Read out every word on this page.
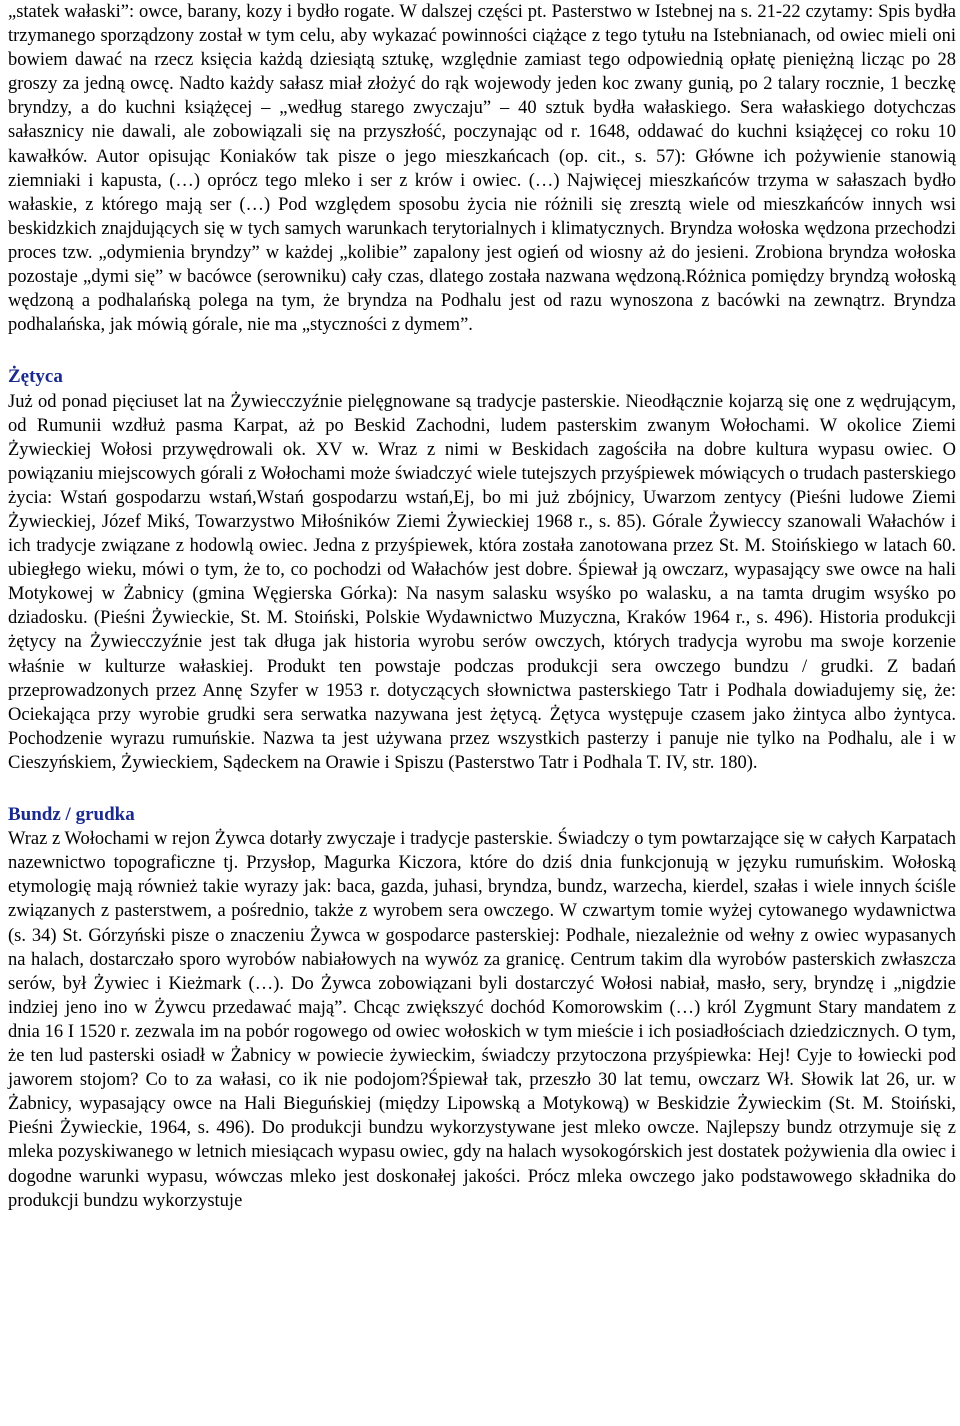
„statek wałaski”: owce, barany, kozy i bydło rogate. W dalszej części pt. Pasterstwo w Istebnej na s. 21-22 czytamy: Spis bydła trzymanego sporządzony został w tym celu, aby wykazać powinności ciążące z tego tytułu na Istebnianach, od owiec mieli oni bowiem dawać na rzecz księcia każdą dziesiątą sztukę, względnie zamiast tego odpowiednią opłatę pieniężną licząc po 28 groszy za jedną owcę. Nadto każdy sałasz miał złożyć do rąk wojewody jeden koc zwany gunią, po 2 talary rocznie, 1 beczkę bryndzy, a do kuchni książęcej – „według starego zwyczaju” – 40 sztuk bydła wałaskiego. Sera wałaskiego dotychczas sałasznicy nie dawali, ale zobowiązali się na przyszłość, poczynając od r. 1648, oddawać do kuchni książęcej co roku 10 kawałków. Autor opisując Koniaków tak pisze o jego mieszkańcach (op. cit., s. 57): Główne ich pożywienie stanowią ziemniaki i kapusta, (…) oprócz tego mleko i ser z krów i owiec. (…) Najwięcej mieszkańców trzyma w sałaszach bydło wałaskie, z którego mają ser (…) Pod względem sposobu życia nie różnili się zresztą wiele od mieszkańców innych wsi beskidzkich znajdujących się w tych samych warunkach terytorialnych i klimatycznych. Bryndza wołoska wędzona przechodzi proces tzw. „odymienia bryndzy” w każdej „kolibie” zapalony jest ogień od wiosny aż do jesieni. Zrobiona bryndza wołoska pozostaje „dymi się” w bacówce (serowniku) cały czas, dlatego została nazwana wędzoną.Różnica pomiędzy bryndzą wołoską wędzoną a podhalańską polega na tym, że bryndza na Podhalu jest od razu wynoszona z bacówki na zewnątrz. Bryndza podhalańska, jak mówią górale, nie ma „styczności z dymem”.

Żętyca

Już od ponad pięciuset lat na Żywiecczyźnie pielęgnowane są tradycje pasterskie. Nieodłącznie kojarzą się one z wędrującym, od Rumunii wzdłuż pasma Karpat, aż po Beskid Zachodni, ludem pasterskim zwanym Wołochami. W okolice Ziemi Żywieckiej Wołosi przywędrowali ok. XV w. Wraz z nimi w Beskidach zagościła na dobre kultura wypasu owiec. O powiązaniu miejscowych górali z Wołochami może świadczyć wiele tutejszych przyśpiewek mówiących o trudach pasterskiego życia: Wstań gospodarzu wstań,Wstań gospodarzu wstań,Ej, bo mi już zbójnicy, Uwarzom zentycy (Pieśni ludowe Ziemi Żywieckiej, Józef Mikś, Towarzystwo Miłośników Ziemi Żywieckiej 1968 r., s. 85). Górale Żywieccy szanowali Wałachów i ich tradycje związane z hodowlą owiec. Jedna z przyśpiewek, która została zanotowana przez St. M. Stoińskiego w latach 60. ubiegłego wieku, mówi o tym, że to, co pochodzi od Wałachów jest dobre. Śpiewał ją owczarz, wypasający swe owce na hali Motykowej w Żabnicy (gmina Węgierska Górka): Na nasym salasku wsyśko po walasku, a na tamta drugim wsyśko po dziadosku. (Pieśni Żywieckie, St. M. Stoiński, Polskie Wydawnictwo Muzyczna, Kraków 1964 r., s. 496). Historia produkcji żętycy na Żywiecczyźnie jest tak długa jak historia wyrobu serów owczych, których tradycja wyrobu ma swoje korzenie właśnie w kulturze wałaskiej. Produkt ten powstaje podczas produkcji sera owczego bundzu / grudki. Z badań przeprowadzonych przez Annę Szyfer w 1953 r. dotyczących słownictwa pasterskiego Tatr i Podhala dowiadujemy się, że: Ociekająca przy wyrobie grudki sera serwatka nazywana jest żętycą. Żętyca występuje czasem jako żintyca albo żyntyca. Pochodzenie wyrazu rumuńskie. Nazwa ta jest używana przez wszystkich pasterzy i panuje nie tylko na Podhalu, ale i w Cieszyńskiem, Żywieckiem, Sądeckem na Orawie i Spiszu (Pasterstwo Tatr i Podhala T. IV, str. 180).

Bundz / grudka

Wraz z Wołochami w rejon Żywca dotarły zwyczaje i tradycje pasterskie. Świadczy o tym powtarzające się w całych Karpatach nazewnictwo topograficzne tj. Przysłop, Magurka Kiczora, które do dziś dnia funkcjonują w języku rumuńskim. Wołoską etymologię mają również takie wyrazy jak: baca, gazda, juhasi, bryndza, bundz, warzecha, kierdel, szałas i wiele innych ściśle związanych z pasterstwem, a pośrednio, także z wyrobem sera owczego. W czwartym tomie wyżej cytowanego wydawnictwa (s. 34) St. Górzyński pisze o znaczeniu Żywca w gospodarce pasterskiej: Podhale, niezależnie od wełny z owiec wypasanych na halach, dostarczało sporo wyrobów nabiałowych na wywóz za granicę. Centrum takim dla wyrobów pasterskich zwłaszcza serów, był Żywiec i Kieżmark (…). Do Żywca zobowiązani byli dostarczyć Wołosi nabiał, masło, sery, bryndzę i „nigdzie indziej jeno ino w Żywcu przedawać mają”. Chcąc zwiększyć dochód Komorowskim (…) król Zygmunt Stary mandatem z dnia 16 I 1520 r. zezwala im na pobór rogowego od owiec wołoskich w tym mieście i ich posiadłościach dziedzicznych. O tym, że ten lud pasterski osiadł w Żabnicy w powiecie żywieckim, świadczy przytoczona przyśpiewka: Hej! Cyje to łowiecki pod jaworem stojom? Co to za wałasi, co ik nie podojom?Śpiewał tak, przeszło 30 lat temu, owczarz Wł. Słowik lat 26, ur. w Żabnicy, wypasający owce na Hali Bieguńskiej (między Lipowską a Motykową) w Beskidzie Żywieckim (St. M. Stoiński, Pieśni Żywieckie, 1964, s. 496). Do produkcji bundzu wykorzystywane jest mleko owcze. Najlepszy bundz otrzymuje się z mleka pozyskiwanego w letnich miesiącach wypasu owiec, gdy na halach wysokogórskich jest dostatek pożywienia dla owiec i dogodne warunki wypasu, wówczas mleko jest doskonałej jakości. Prócz mleka owczego jako podstawowego składnika do produkcji bundzu wykorzystuje
